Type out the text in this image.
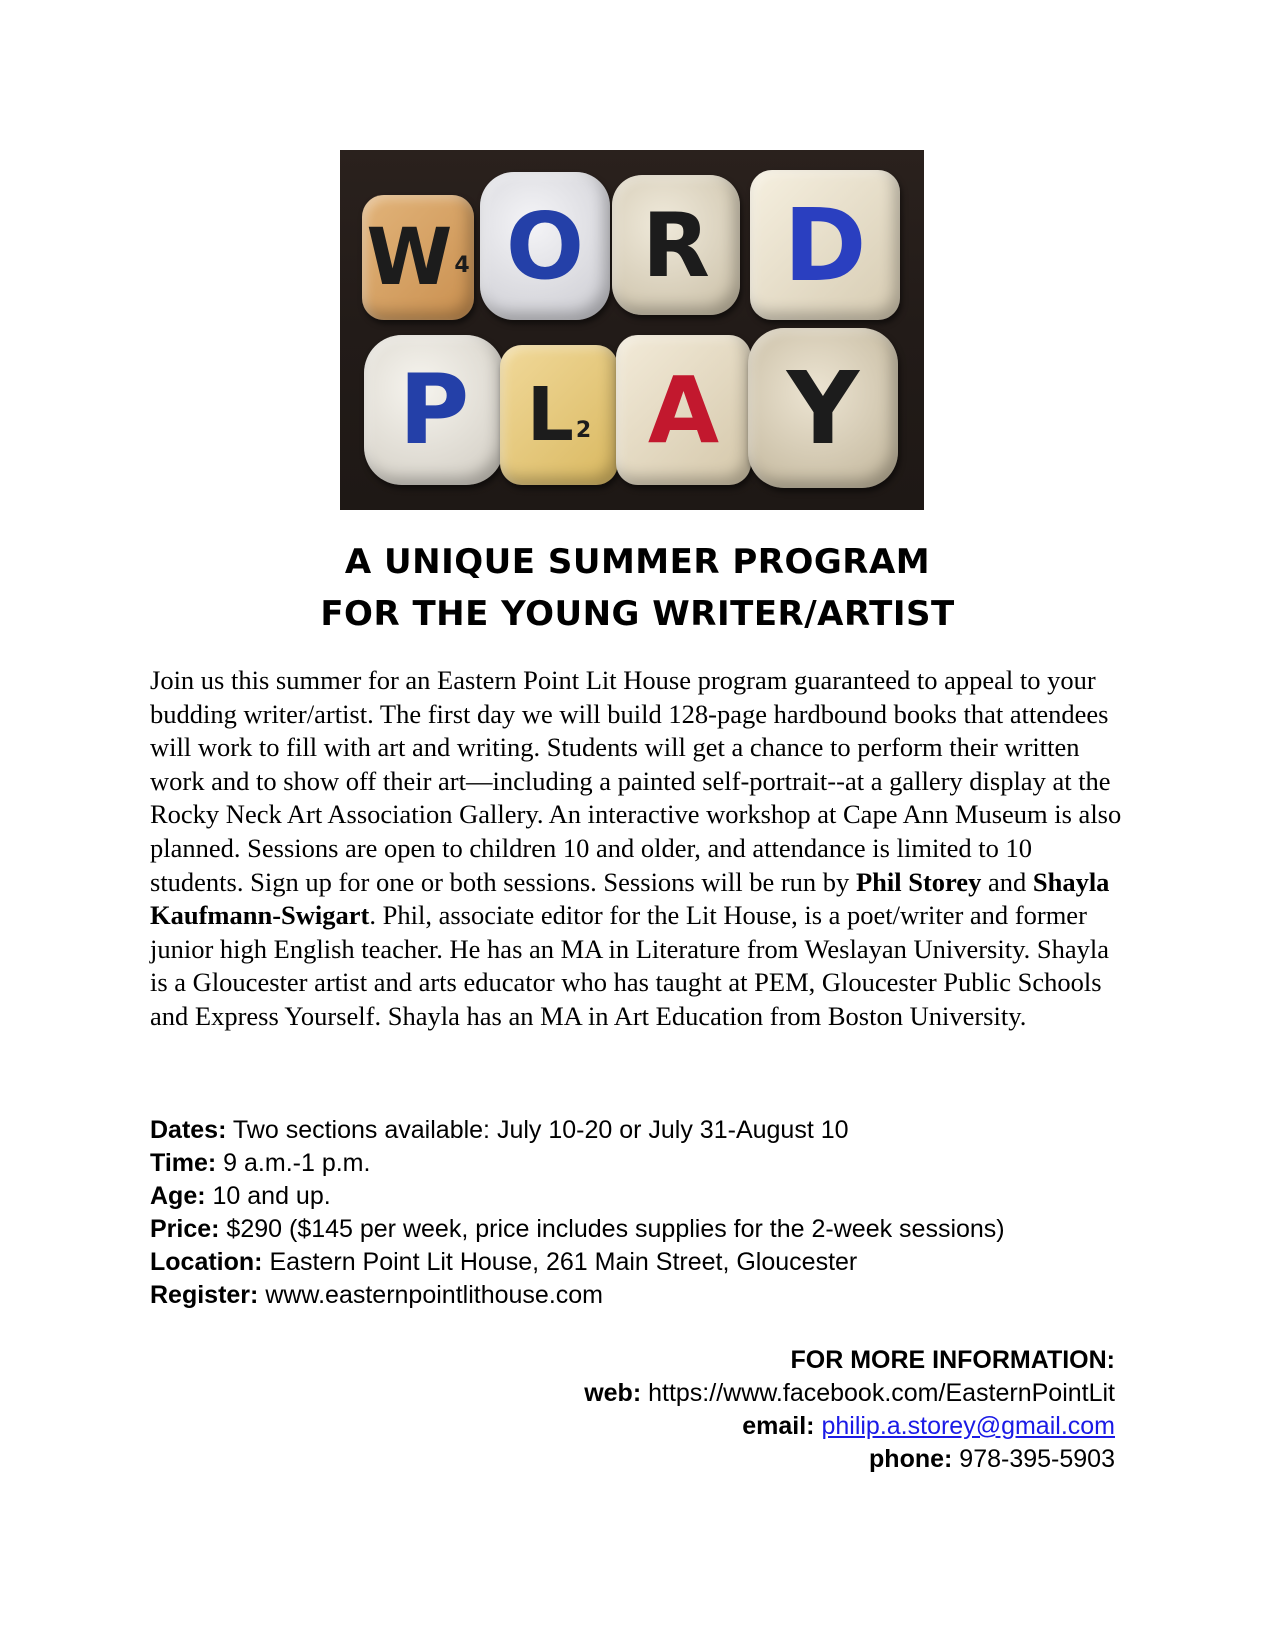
W 4 O R D
P L 2 A Y
A UNIQUE SUMMER PROGRAM
FOR THE YOUNG WRITER/ARTIST
Join us this summer for an Eastern Point Lit House program guaranteed to appeal to your budding writer/artist. The first day we will build 128-page hardbound books that attendees will work to fill with art and writing. Students will get a chance to perform their written work and to show off their art—including a painted self-portrait--at a gallery display at the Rocky Neck Art Association Gallery. An interactive workshop at Cape Ann Museum is also planned. Sessions are open to children 10 and older, and attendance is limited to 10 students. Sign up for one or both sessions. Sessions will be run by Phil Storey and Shayla Kaufmann-Swigart. Phil, associate editor for the Lit House, is a poet/writer and former junior high English teacher. He has an MA in Literature from Weslayan University. Shayla is a Gloucester artist and arts educator who has taught at PEM, Gloucester Public Schools and Express Yourself. Shayla has an MA in Art Education from Boston University.
Dates: Two sections available: July 10-20 or July 31-August 10
Time: 9 a.m.-1 p.m.
Age: 10 and up.
Price: $290 ($145 per week, price includes supplies for the 2-week sessions)
Location: Eastern Point Lit House, 261 Main Street, Gloucester
Register: www.easternpointlithouse.com
FOR MORE INFORMATION:
web: https://www.facebook.com/EasternPointLit
email: philip.a.storey@gmail.com
phone: 978-395-5903
